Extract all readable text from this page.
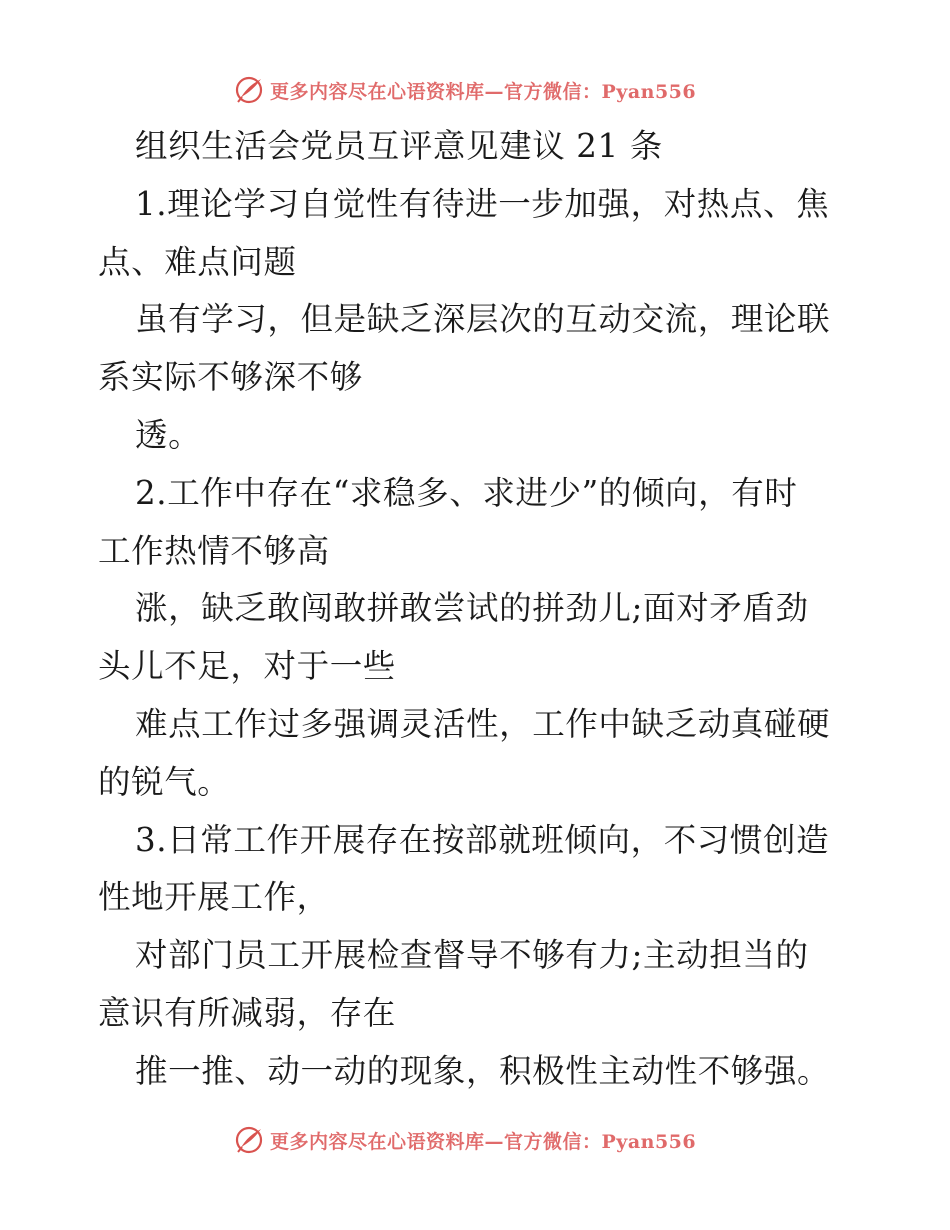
更多内容尽在心语资料库—官方微信：Pyan556

组织生活会党员互评意见建议 21 条

1.理论学习自觉性有待进一步加强，对热点、焦

点、难点问题

虽有学习，但是缺乏深层次的互动交流，理论联

系实际不够深不够

透。

2.工作中存在“求稳多、求进少”的倾向，有时

工作热情不够高

涨，缺乏敢闯敢拼敢尝试的拼劲儿;面对矛盾劲

头儿不足，对于一些

难点工作过多强调灵活性，工作中缺乏动真碰硬

的锐气。

3.日常工作开展存在按部就班倾向，不习惯创造

性地开展工作，

对部门员工开展检查督导不够有力;主动担当的

意识有所减弱，存在

推一推、动一动的现象，积极性主动性不够强。

更多内容尽在心语资料库—官方微信：Pyan556
